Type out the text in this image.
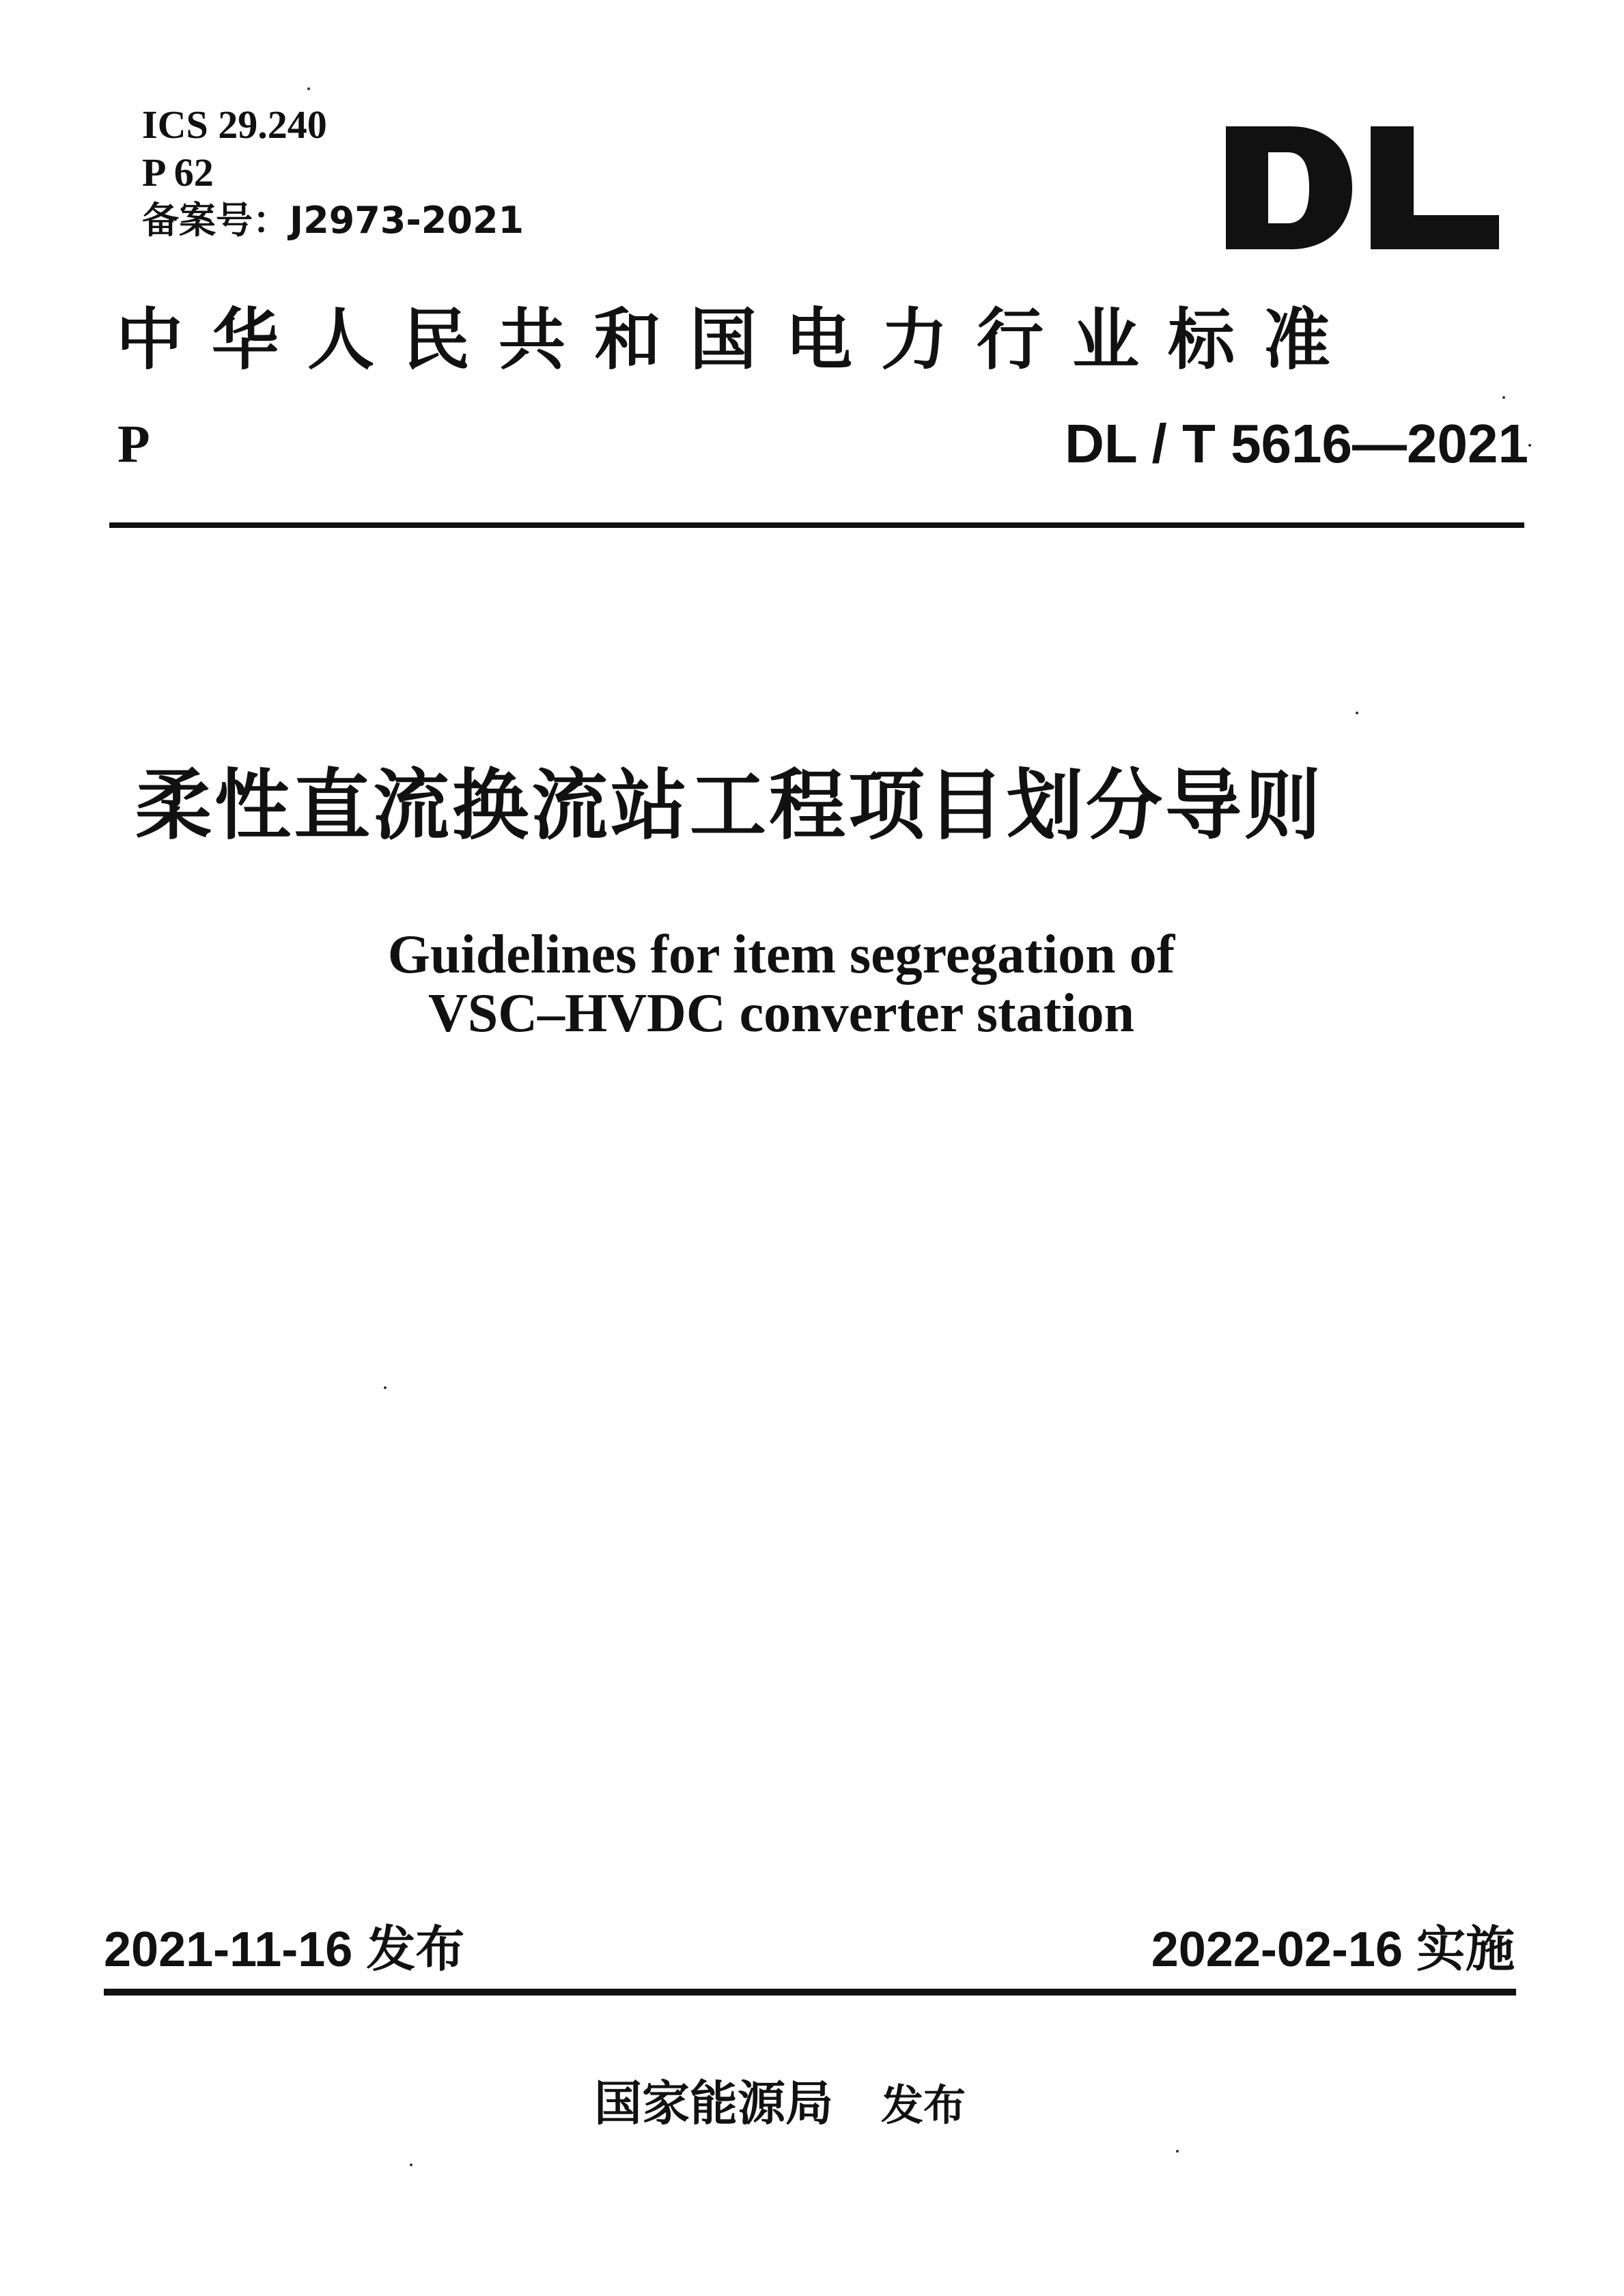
ICS 29.240
P 62
备案号：J2973-2021
中华人民共和国电力行业标准
P	DL / T 5616—2021
柔性直流换流站工程项目划分导则
Guidelines for item segregation of
VSC–HVDC converter station
2021-11-16 发布	2022-02-16 实施
国家能源局 发布
